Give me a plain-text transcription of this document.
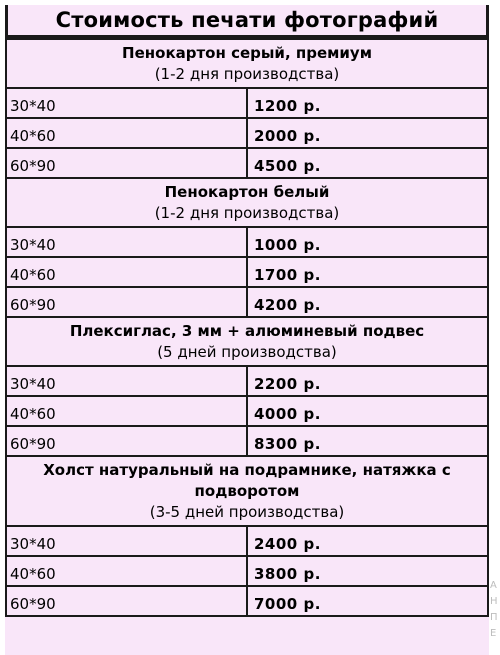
Стоимость печати фотографий
Пенокартон серый, премиум
(1-2 дня производства)	

30*40	1200 р.
40*60	2000 р.
60*90	4500 р.

Пенокартон белый
(1-2 дня производства)	

30*40	1000 р.
40*60	1700 р.
60*90	4200 р.

Плексиглас, 3 мм + алюминевый подвес
(5 дней производства)	

30*40	2200 р.
40*60	4000 р.
60*90	8300 р.

Холст натуральный на подрамнике, натяжка с подворотом
(3-5 дней производства)	

30*40	2400 р.
40*60	3800 р.
60*90	7000 р.
А
Н
П
Е
